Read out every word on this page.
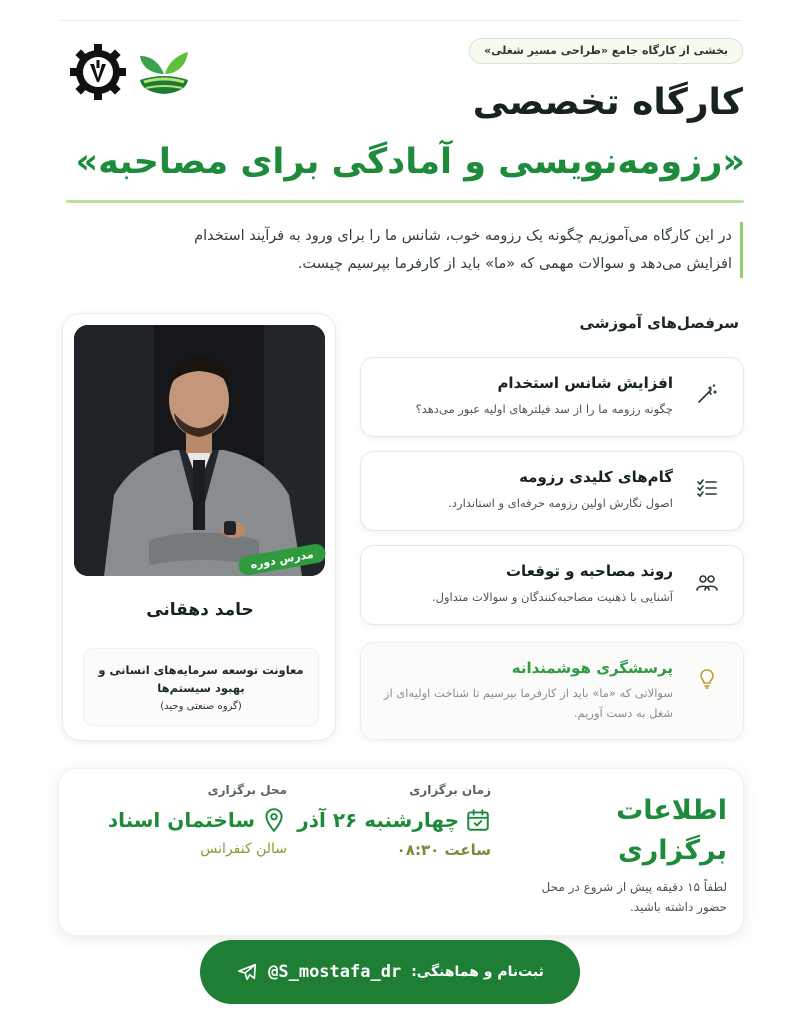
بخشی از کارگاه جامع «طراحی مسیر شغلی»
کارگاه تخصصی
«رزومه‌نویسی و آمادگی برای مصاحبه»
در این کارگاه می‌آموزیم چگونه یک رزومه خوب، شانس ما را برای ورود به فرآیند استخدام
افزایش می‌دهد و سوالات مهمی که «ما» باید از کارفرما بپرسیم چیست.
سرفصل‌های آموزشی
افزایش شانس استخدام
چگونه رزومه ما را از سد فیلترهای اولیه عبور می‌دهد؟
گام‌های کلیدی رزومه
اصول نگارش اولین رزومه حرفه‌ای و استاندارد.
روند مصاحبه و توقعات
آشنایی با ذهنیت مصاحبه‌کنندگان و سوالات متداول.
پرسشگری هوشمندانه
سوالاتی که «ما» باید از کارفرما بپرسیم تا شناخت اولیه‌ای از شغل به دست آوریم.
مدرس دوره
حامد دهقانی
معاونت توسعه سرمایه‌های انسانی و بهبود سیستم‌ها
(گروه صنعتی وحید)
اطلاعات
برگزاری
لطفاً ۱۵ دقیقه پیش از شروع در محل حضور داشته باشید.
زمان برگزاری
چهارشنبه ۲۶ آذر
ساعت ۰۸:۳۰
محل برگزاری
ساختمان اسناد
سالن کنفرانس
ثبت‌نام و هماهنگی:
@S_mostafa_dr
